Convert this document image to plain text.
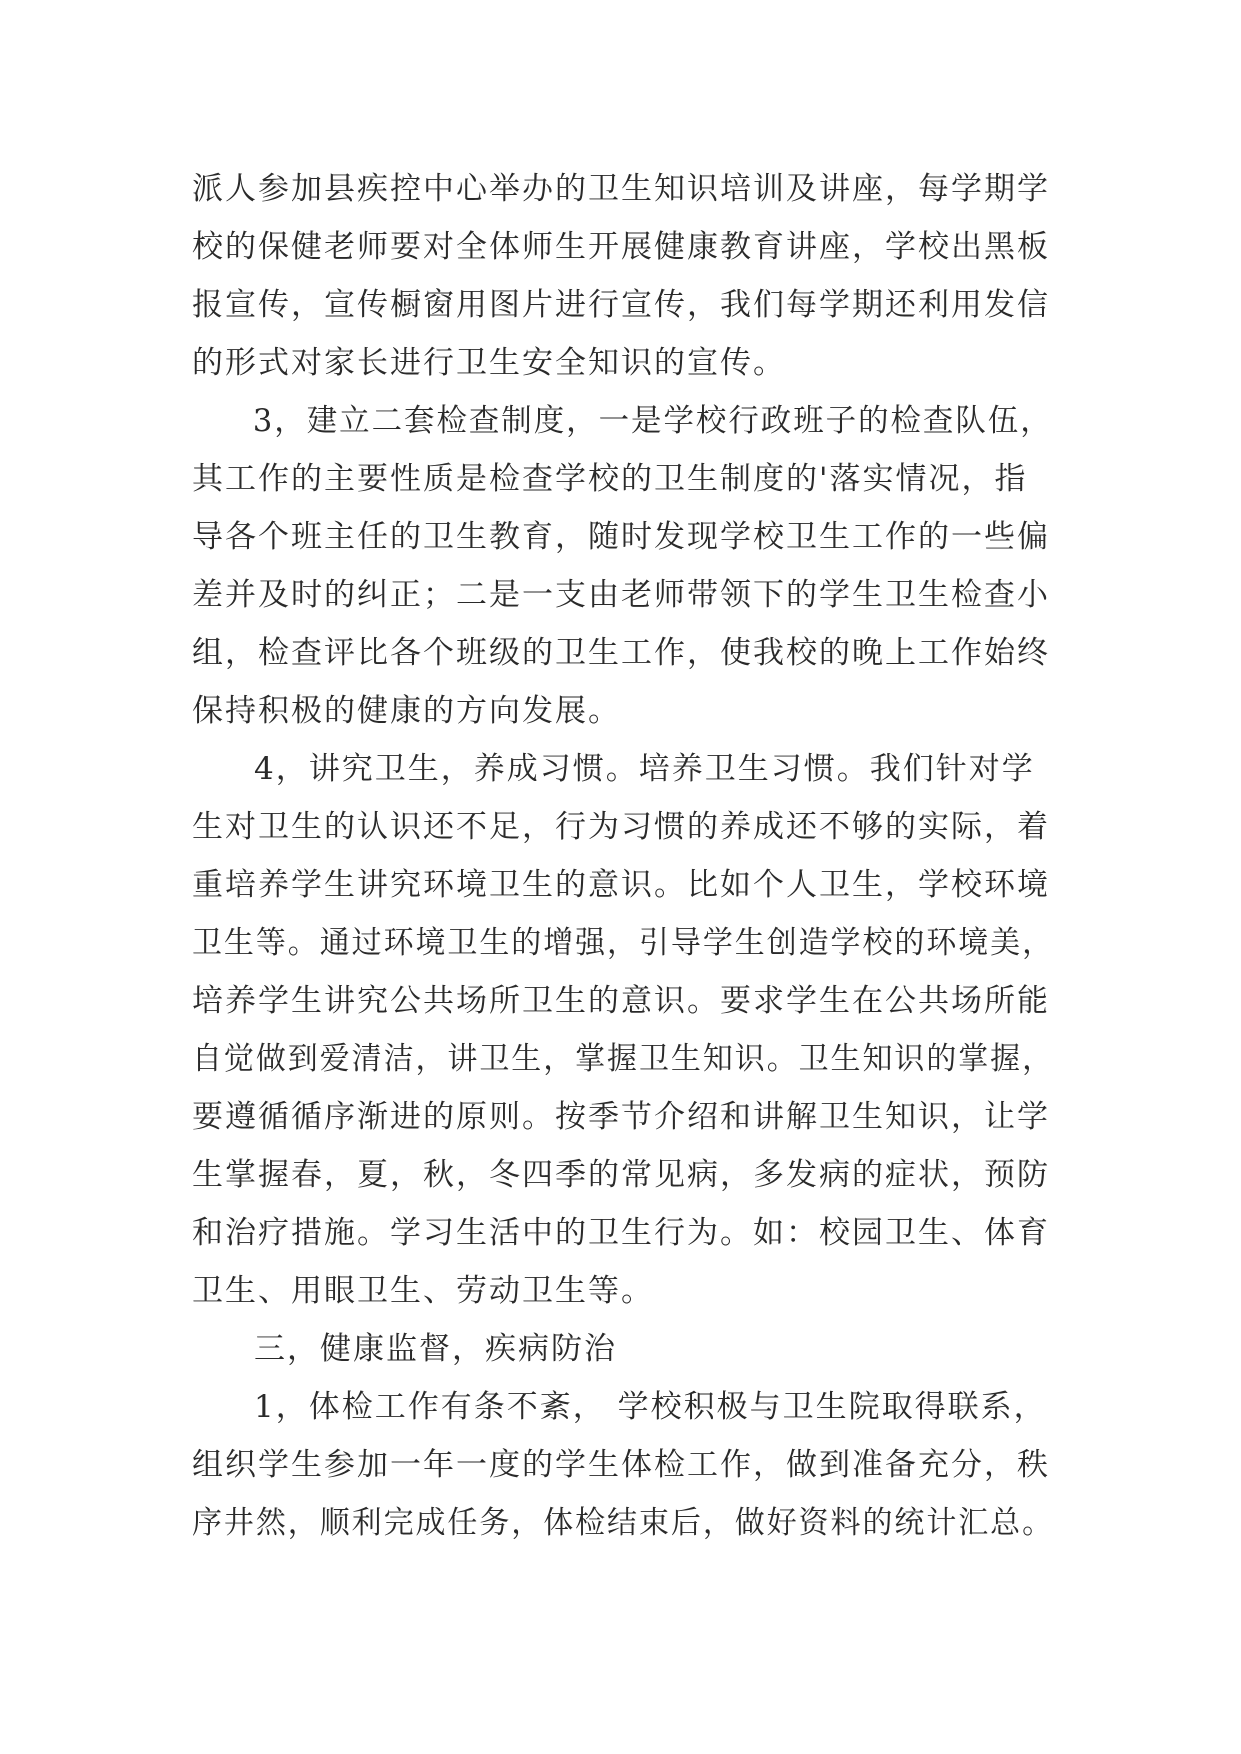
派人参加县疾控中心举办的卫生知识培训及讲座，每学期学
校的保健老师要对全体师生开展健康教育讲座，学校出黑板
报宣传，宣传橱窗用图片进行宣传，我们每学期还利用发信
的形式对家长进行卫生安全知识的宣传。
3，建立二套检查制度，一是学校行政班子的检查队伍，
其工作的主要性质是检查学校的卫生制度的'落实情况，指
导各个班主任的卫生教育，随时发现学校卫生工作的一些偏
差并及时的纠正；二是一支由老师带领下的学生卫生检查小
组，检查评比各个班级的卫生工作，使我校的晚上工作始终
保持积极的健康的方向发展。
4，讲究卫生，养成习惯。培养卫生习惯。我们针对学
生对卫生的认识还不足，行为习惯的养成还不够的实际，着
重培养学生讲究环境卫生的意识。比如个人卫生，学校环境
卫生等。通过环境卫生的增强，引导学生创造学校的环境美，
培养学生讲究公共场所卫生的意识。要求学生在公共场所能
自觉做到爱清洁，讲卫生，掌握卫生知识。卫生知识的掌握，
要遵循循序渐进的原则。按季节介绍和讲解卫生知识，让学
生掌握春，夏，秋，冬四季的常见病，多发病的症状，预防
和治疗措施。学习生活中的卫生行为。如：校园卫生、体育
卫生、用眼卫生、劳动卫生等。
三，健康监督，疾病防治
1，体检工作有条不紊， 学校积极与卫生院取得联系，
组织学生参加一年一度的学生体检工作，做到准备充分，秩
序井然，顺利完成任务，体检结束后，做好资料的统计汇总。
